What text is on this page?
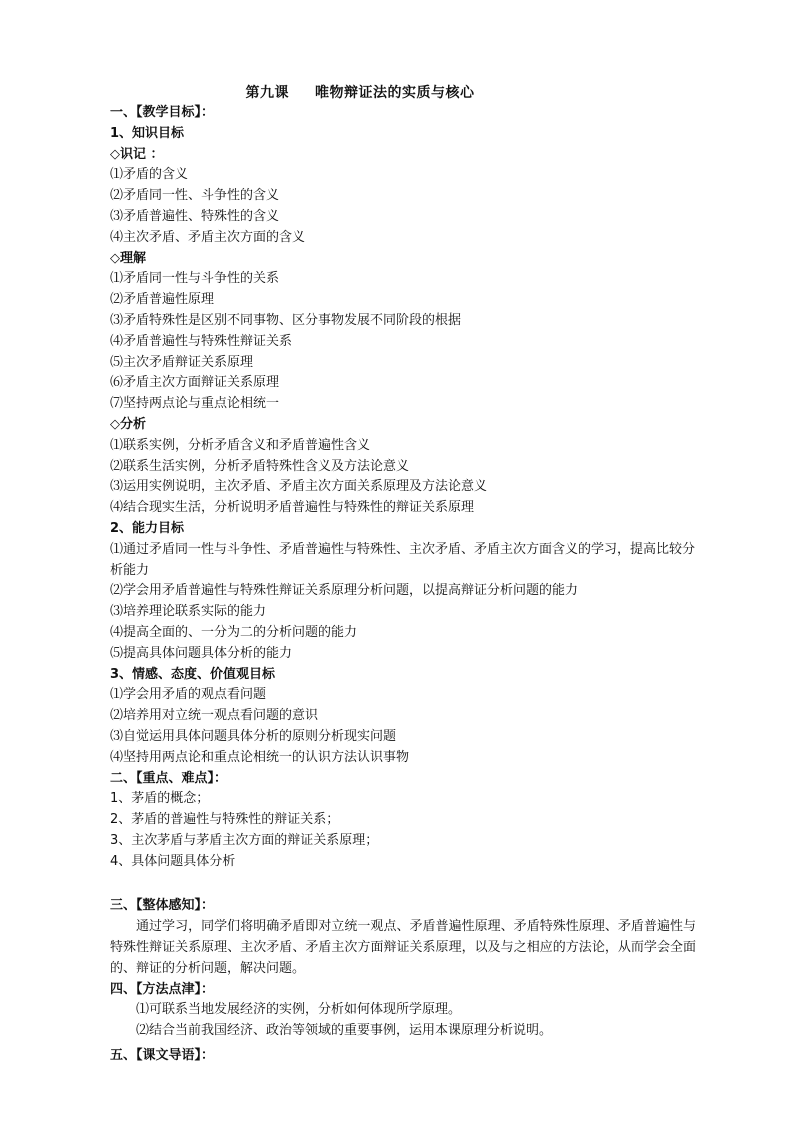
第九课 唯物辩证法的实质与核心
一、【教学目标】：
1、知识目标
◇识记 ：
⑴矛盾的含义
⑵矛盾同一性、斗争性的含义
⑶矛盾普遍性、特殊性的含义
⑷主次矛盾、矛盾主次方面的含义
◇理解
⑴矛盾同一性与斗争性的关系
⑵矛盾普遍性原理
⑶矛盾特殊性是区别不同事物、区分事物发展不同阶段的根据
⑷矛盾普遍性与特殊性辩证关系
⑸主次矛盾辩证关系原理
⑹矛盾主次方面辩证关系原理
⑺坚持两点论与重点论相统一
◇分析
⑴联系实例，分析矛盾含义和矛盾普遍性含义
⑵联系生活实例，分析矛盾特殊性含义及方法论意义
⑶运用实例说明，主次矛盾、矛盾主次方面关系原理及方法论意义
⑷结合现实生活，分析说明矛盾普遍性与特殊性的辩证关系原理
2、能力目标
⑴通过矛盾同一性与斗争性、矛盾普遍性与特殊性、主次矛盾、矛盾主次方面含义的学习，提高比较分析能力
⑵学会用矛盾普遍性与特殊性辩证关系原理分析问题，以提高辩证分析问题的能力
⑶培养理论联系实际的能力
⑷提高全面的、一分为二的分析问题的能力
⑸提高具体问题具体分析的能力
3、情感、态度、价值观目标
⑴学会用矛盾的观点看问题
⑵培养用对立统一观点看问题的意识
⑶自觉运用具体问题具体分析的原则分析现实问题
⑷坚持用两点论和重点论相统一的认识方法认识事物
二、【重点、难点】：
1、茅盾的概念；
2、茅盾的普遍性与特殊性的辩证关系；
3、主次茅盾与茅盾主次方面的辩证关系原理；
4、具体问题具体分析
三、【整体感知】：
通过学习，同学们将明确矛盾即对立统一观点、矛盾普遍性原理、矛盾特殊性原理、矛盾普遍性与特殊性辩证关系原理、主次矛盾、矛盾主次方面辩证关系原理，以及与之相应的方法论，从而学会全面的、辩证的分析问题，解决问题。
四、【方法点津】：
⑴可联系当地发展经济的实例，分析如何体现所学原理。
⑵结合当前我国经济、政治等领域的重要事例，运用本课原理分析说明。
五、【课文导语】：
